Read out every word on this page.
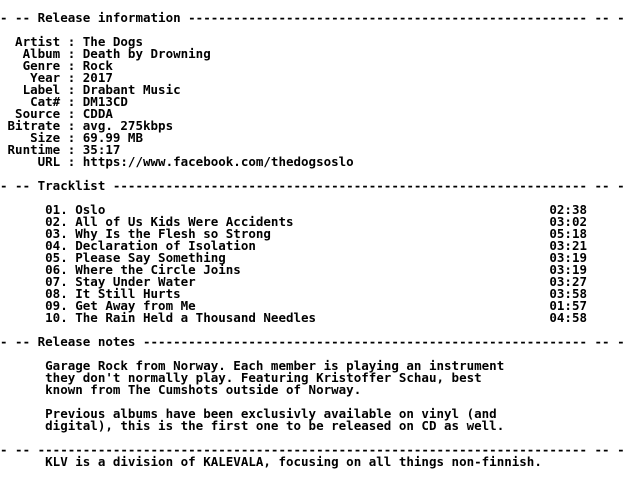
- -- Release information ----------------------------------------------------- -- -
Artist : The Dogs
Album : Death by Drowning
Genre : Rock
Year : 2017
Label : Drabant Music
Cat# : DM13CD
Source : CDDA
Bitrate : avg. 275kbps
Size : 69.99 MB
Runtime : 35:17
URL : https://www.facebook.com/thedogsoslo
- -- Tracklist --------------------------------------------------------------- -- -
01. Oslo                                                           02:38
02. All of Us Kids Were Accidents                                  03:02
03. Why Is the Flesh so Strong                                     05:18
04. Declaration of Isolation                                       03:21
05. Please Say Something                                           03:19
06. Where the Circle Joins                                         03:19
07. Stay Under Water                                               03:27
08. It Still Hurts                                                 03:58
09. Get Away from Me                                               01:57
10. The Rain Held a Thousand Needles                               04:58
- -- Release notes ----------------------------------------------------------- -- -
Garage Rock from Norway. Each member is playing an instrument
they don't normally play. Featuring Kristoffer Schau, best
known from The Cumshots outside of Norway.
Previous albums have been exclusivly available on vinyl (and
digital), this is the first one to be released on CD as well.
- -- ------------------------------------------------------------------------- -- -
KLV is a division of KALEVALA, focusing on all things non-finnish.
